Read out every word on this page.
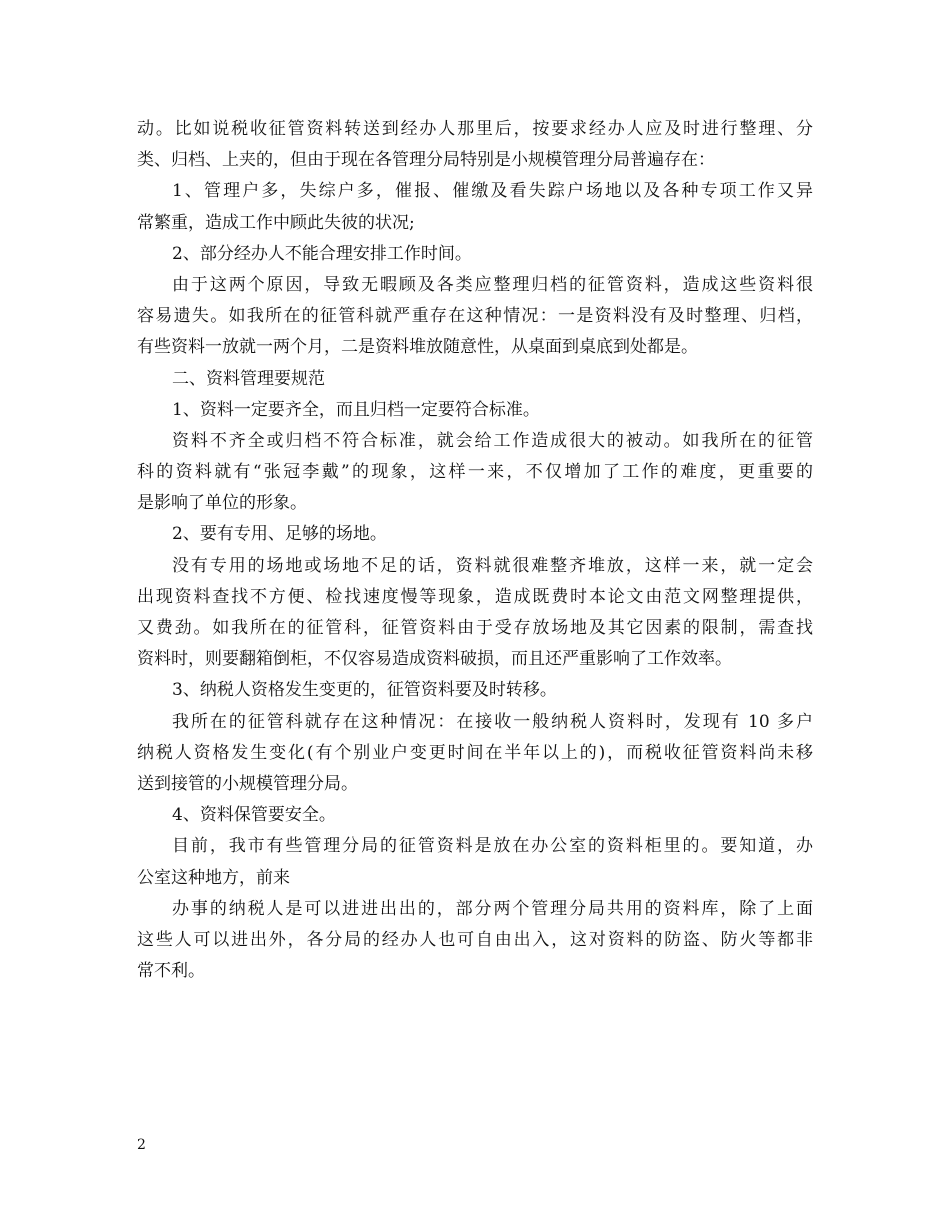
动。比如说税收征管资料转送到经办人那里后，按要求经办人应及时进行整理、分
类、归档、上夹的，但由于现在各管理分局特别是小规模管理分局普遍存在：
1、管理户多，失综户多，催报、催缴及看失踪户场地以及各种专项工作又异
常繁重，造成工作中顾此失彼的状况;
2、部分经办人不能合理安排工作时间。
由于这两个原因，导致无暇顾及各类应整理归档的征管资料，造成这些资料很
容易遗失。如我所在的征管科就严重存在这种情况：一是资料没有及时整理、归档，
有些资料一放就一两个月，二是资料堆放随意性，从桌面到桌底到处都是。
二、资料管理要规范
1、资料一定要齐全，而且归档一定要符合标准。
资料不齐全或归档不符合标准，就会给工作造成很大的被动。如我所在的征管
科的资料就有“张冠李戴”的现象，这样一来，不仅增加了工作的难度，更重要的
是影响了单位的形象。
2、要有专用、足够的场地。
没有专用的场地或场地不足的话，资料就很难整齐堆放，这样一来，就一定会
出现资料查找不方便、检找速度慢等现象，造成既费时本论文由范文网整理提供，
又费劲。如我所在的征管科，征管资料由于受存放场地及其它因素的限制，需查找
资料时，则要翻箱倒柜，不仅容易造成资料破损，而且还严重影响了工作效率。
3、纳税人资格发生变更的，征管资料要及时转移。
我所在的征管科就存在这种情况：在接收一般纳税人资料时，发现有 10 多户
纳税人资格发生变化(有个别业户变更时间在半年以上的)，而税收征管资料尚未移
送到接管的小规模管理分局。
4、资料保管要安全。
目前，我市有些管理分局的征管资料是放在办公室的资料柜里的。要知道，办
公室这种地方，前来
办事的纳税人是可以进进出出的，部分两个管理分局共用的资料库，除了上面
这些人可以进出外，各分局的经办人也可自由出入，这对资料的防盗、防火等都非
常不利。
2
